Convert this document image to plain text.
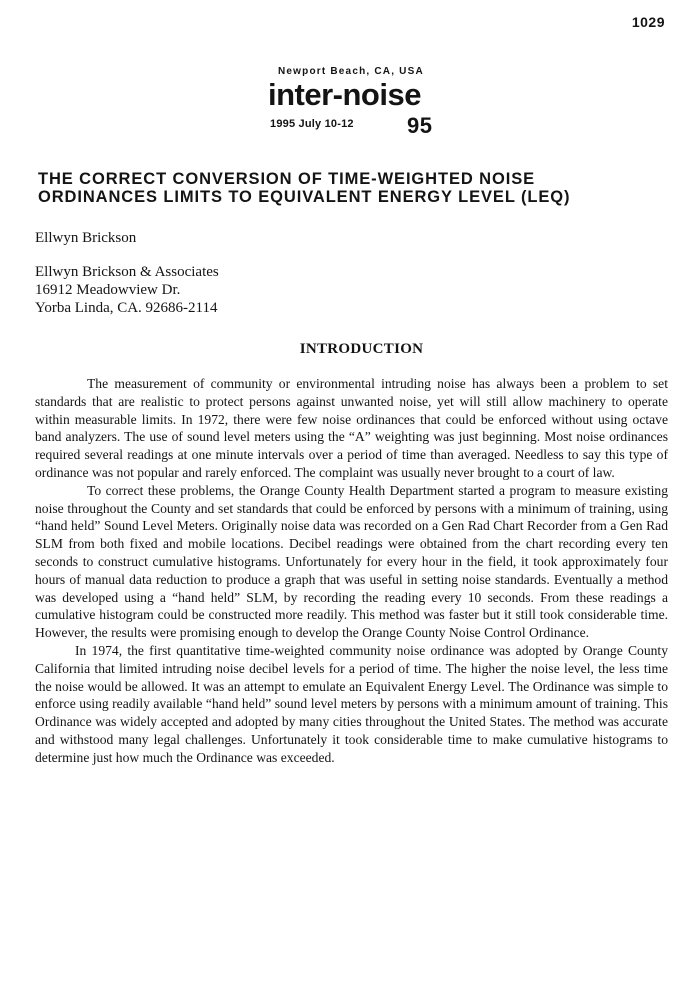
1029
Newport Beach, CA, USA
inter-noise
1995 July 10-12 95
THE CORRECT CONVERSION OF TIME-WEIGHTED NOISE
ORDINANCES LIMITS TO EQUIVALENT ENERGY LEVEL (LEQ)
Ellwyn Brickson
Ellwyn Brickson & Associates
16912 Meadowview Dr.
Yorba Linda, CA. 92686-2114
INTRODUCTION

The measurement of community or environmental intruding noise has always been a problem to set standards that are realistic to protect persons against unwanted noise, yet will still allow machinery to operate within measurable limits. In 1972, there were few noise ordinances that could be enforced without using octave band analyzers. The use of sound level meters using the “A” weighting was just beginning. Most noise ordinances required several readings at one minute intervals over a period of time than averaged. Needless to say this type of ordinance was not popular and rarely enforced. The complaint was usually never brought to a court of law.

To correct these problems, the Orange County Health Department started a program to measure existing noise throughout the County and set standards that could be enforced by persons with a minimum of training, using “hand held” Sound Level Meters. Originally noise data was recorded on a Gen Rad Chart Recorder from a Gen Rad SLM from both fixed and mobile locations. Decibel readings were obtained from the chart recording every ten seconds to construct cumulative histograms. Unfortunately for every hour in the field, it took approximately four hours of manual data reduction to produce a graph that was useful in setting noise standards. Eventually a method was developed using a “hand held” SLM, by recording the reading every 10 seconds. From these readings a cumulative histogram could be constructed more readily. This method was faster but it still took considerable time. However, the results were promising enough to develop the Orange County Noise Control Ordinance.

In 1974, the first quantitative time-weighted community noise ordinance was adopted by Orange County California that limited intruding noise decibel levels for a period of time. The higher the noise level, the less time the noise would be allowed. It was an attempt to emulate an Equivalent Energy Level. The Ordinance was simple to enforce using readily available “hand held” sound level meters by persons with a minimum amount of training. This Ordinance was widely accepted and adopted by many cities throughout the United States. The method was accurate and withstood many legal challenges. Unfortunately it took considerable time to make cumulative histograms to determine just how much the Ordinance was exceeded.
